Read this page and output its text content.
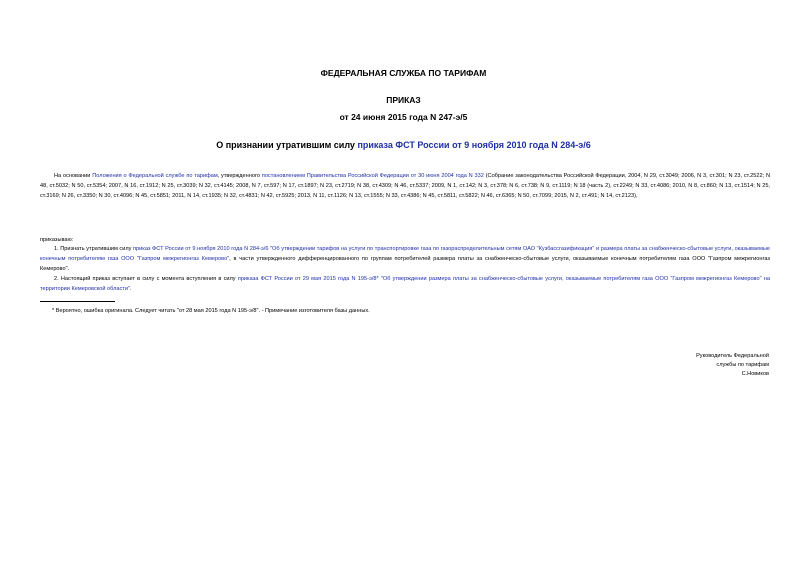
ФЕДЕРАЛЬНАЯ СЛУЖБА ПО ТАРИФАМ
ПРИКАЗ
от 24 июня 2015 года N 247-э/5
О признании утратившим силу приказа ФСТ России от 9 ноября 2010 года N 284-э/6
На основании Положения о Федеральной службе по тарифам, утвержденного постановлением Правительства Российской Федерации от 30 июня 2004 года N 332 (Собрание законодательства Российской Федерации, 2004, N 29, ст.3049; 2006, N 3, ст.301; N 23, ст.2522; N 48, ст.5032; N 50, ст.5354; 2007, N 16, ст.1912; N 25, ст.3039; N 32, ст.4145; 2008, N 7, ст.597; N 17, ст.1897; N 23, ст.2719; N 38, ст.4309; N 46, ст.5337; 2009, N 1, ст.142; N 3, ст.378; N 6, ст.738; N 9, ст.1119; N 18 (часть 2), ст.2249; N 33, ст.4086; 2010, N 8, ст.860; N 13, ст.1514; N 25, ст.3169; N 26, ст.3350; N 30, ст.4096; N 45, ст.5851; 2011, N 14, ст.1935; N 32, ст.4831; N 42, ст.5925; 2013, N 11, ст.1126; N 13, ст.1555; N 33, ст.4386; N 45, ст.5811, ст.5822; N 46, ст.6365; N 50, ст.7099; 2015, N 2, ст.491; N 14, ст.2123),
приказываю:
1. Признать утратившим силу приказ ФСТ России от 9 ноября 2010 года N 284-э/6 "Об утверждении тарифов на услуги по транспортировке газа по газораспределительным сетям ОАО "Кузбассгазификация" и размера платы за снабженческо-сбытовые услуги, оказываемые конечным потребителям газа ООО "Газпром межрегионгаз Кемерово", в части утвержденного дифференцированного по группам потребителей размера платы за снабженческо-сбытовые услуги, оказываемые конечным потребителям газа ООО "Газпром межрегионгаз Кемерово".
2. Настоящий приказ вступает в силу с момента вступления в силу приказа ФСТ России от 29 мая 2015 года N 195-э/8* "Об утверждении размера платы за снабженческо-сбытовые услуги, оказываемые потребителям газа ООО "Газпром межрегионгаз Кемерово" на территории Кемеровской области".
* Вероятно, ошибка оригинала. Следует читать "от 28 мая 2015 года N 195-э/8". - Примечание изготовителя базы данных.
Руководитель Федеральной
службы по тарифам
С.Новиков
